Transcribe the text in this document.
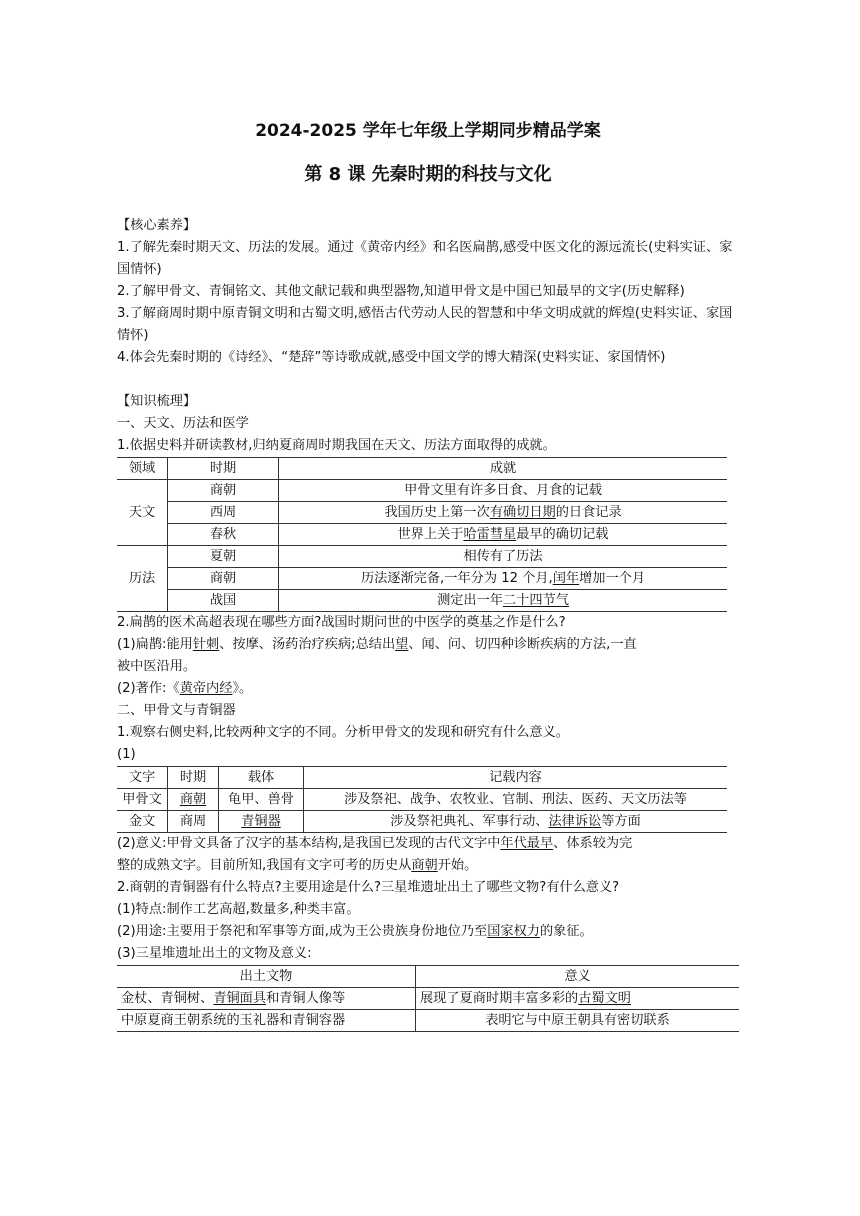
2024-2025 学年七年级上学期同步精品学案
第 8 课 先秦时期的科技与文化
【核心素养】
1.了解先秦时期天文、历法的发展。通过《黄帝内经》和名医扁鹊,感受中医文化的源远流长(史料实证、家国情怀)
2.了解甲骨文、青铜铭文、其他文献记载和典型器物,知道甲骨文是中国已知最早的文字(历史解释)
3.了解商周时期中原青铜文明和古蜀文明,感悟古代劳动人民的智慧和中华文明成就的辉煌(史料实证、家国情怀)
4.体会先秦时期的《诗经》、“楚辞”等诗歌成就,感受中国文学的博大精深(史料实证、家国情怀)
【知识梳理】
一、天文、历法和医学
1.依据史料并研读教材,归纳夏商周时期我国在天文、历法方面取得的成就。
领域	时期	成就
天文	商朝	甲骨文里有许多日食、月食的记载
	西周	我国历史上第一次有确切日期的日食记录
	春秋	世界上关于哈雷彗星最早的确切记载
历法	夏朝	相传有了历法
	商朝	历法逐渐完备,一年分为 12 个月,闰年增加一个月
	战国	测定出一年二十四节气
2.扁鹊的医术高超表现在哪些方面?战国时期问世的中医学的奠基之作是什么?
(1)扁鹊:能用针刺、按摩、汤药治疗疾病;总结出望、闻、问、切四种诊断疾病的方法,一直
被中医沿用。
(2)著作:《黄帝内经》。
二、甲骨文与青铜器
1.观察右侧史料,比较两种文字的不同。分析甲骨文的发现和研究有什么意义。
(1)
文字	时期	载体	记载内容
甲骨文	商朝	龟甲、兽骨	涉及祭祀、战争、农牧业、官制、刑法、医药、天文历法等
金文	商周	青铜器	涉及祭祀典礼、军事行动、法律诉讼等方面
(2)意义:甲骨文具备了汉字的基本结构,是我国已发现的古代文字中年代最早、体系较为完
整的成熟文字。目前所知,我国有文字可考的历史从商朝开始。
2.商朝的青铜器有什么特点?主要用途是什么?三星堆遗址出土了哪些文物?有什么意义?
(1)特点:制作工艺高超,数量多,种类丰富。
(2)用途:主要用于祭祀和军事等方面,成为王公贵族身份地位乃至国家权力的象征。
(3)三星堆遗址出土的文物及意义:
出土文物	意义
金杖、青铜树、青铜面具和青铜人像等	展现了夏商时期丰富多彩的古蜀文明
中原夏商王朝系统的玉礼器和青铜容器	表明它与中原王朝具有密切联系
